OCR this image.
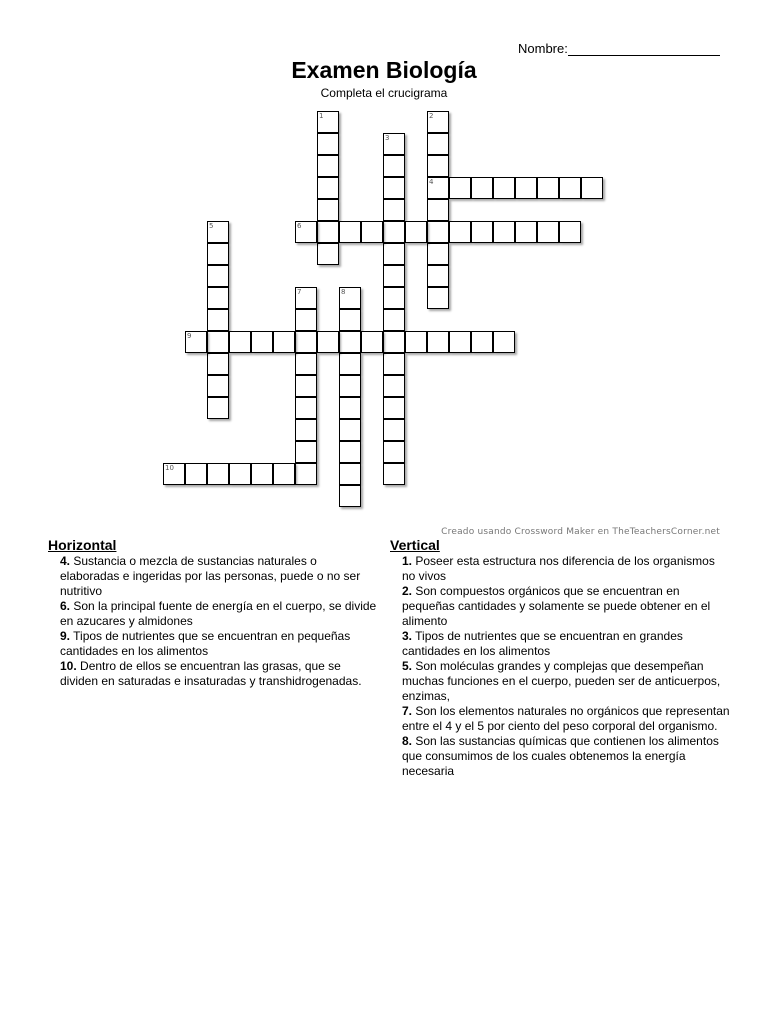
Nombre:
Examen Biología
Completa el crucigrama
1	2
4
3
5	6
7	8
9
10
Creado usando Crossword Maker en TheTeachersCorner.net
Horizontal
4. Sustancia o mezcla de sustancias naturales o elaboradas e ingeridas por las personas, puede o no ser nutritivo
6. Son la principal fuente de energía en el cuerpo, se divide en azucares y almidones
9. Tipos de nutrientes que se encuentran en pequeñas cantidades en los alimentos
10. Dentro de ellos se encuentran las grasas, que se dividen en saturadas e insaturadas y transhidrogenadas.
Vertical
1. Poseer esta estructura nos diferencia de los organismos no vivos
2. Son compuestos orgánicos que se encuentran en pequeñas cantidades y solamente se puede obtener en el alimento
3. Tipos de nutrientes que se encuentran en grandes cantidades en los alimentos
5. Son moléculas grandes y complejas que desempeñan muchas funciones en el cuerpo, pueden ser de anticuerpos, enzimas,
7. Son los elementos naturales no orgánicos que representan entre el 4 y el 5 por ciento del peso corporal del organismo.
8. Son las sustancias químicas que contienen los alimentos que consumimos de los cuales obtenemos la energía necesaria
